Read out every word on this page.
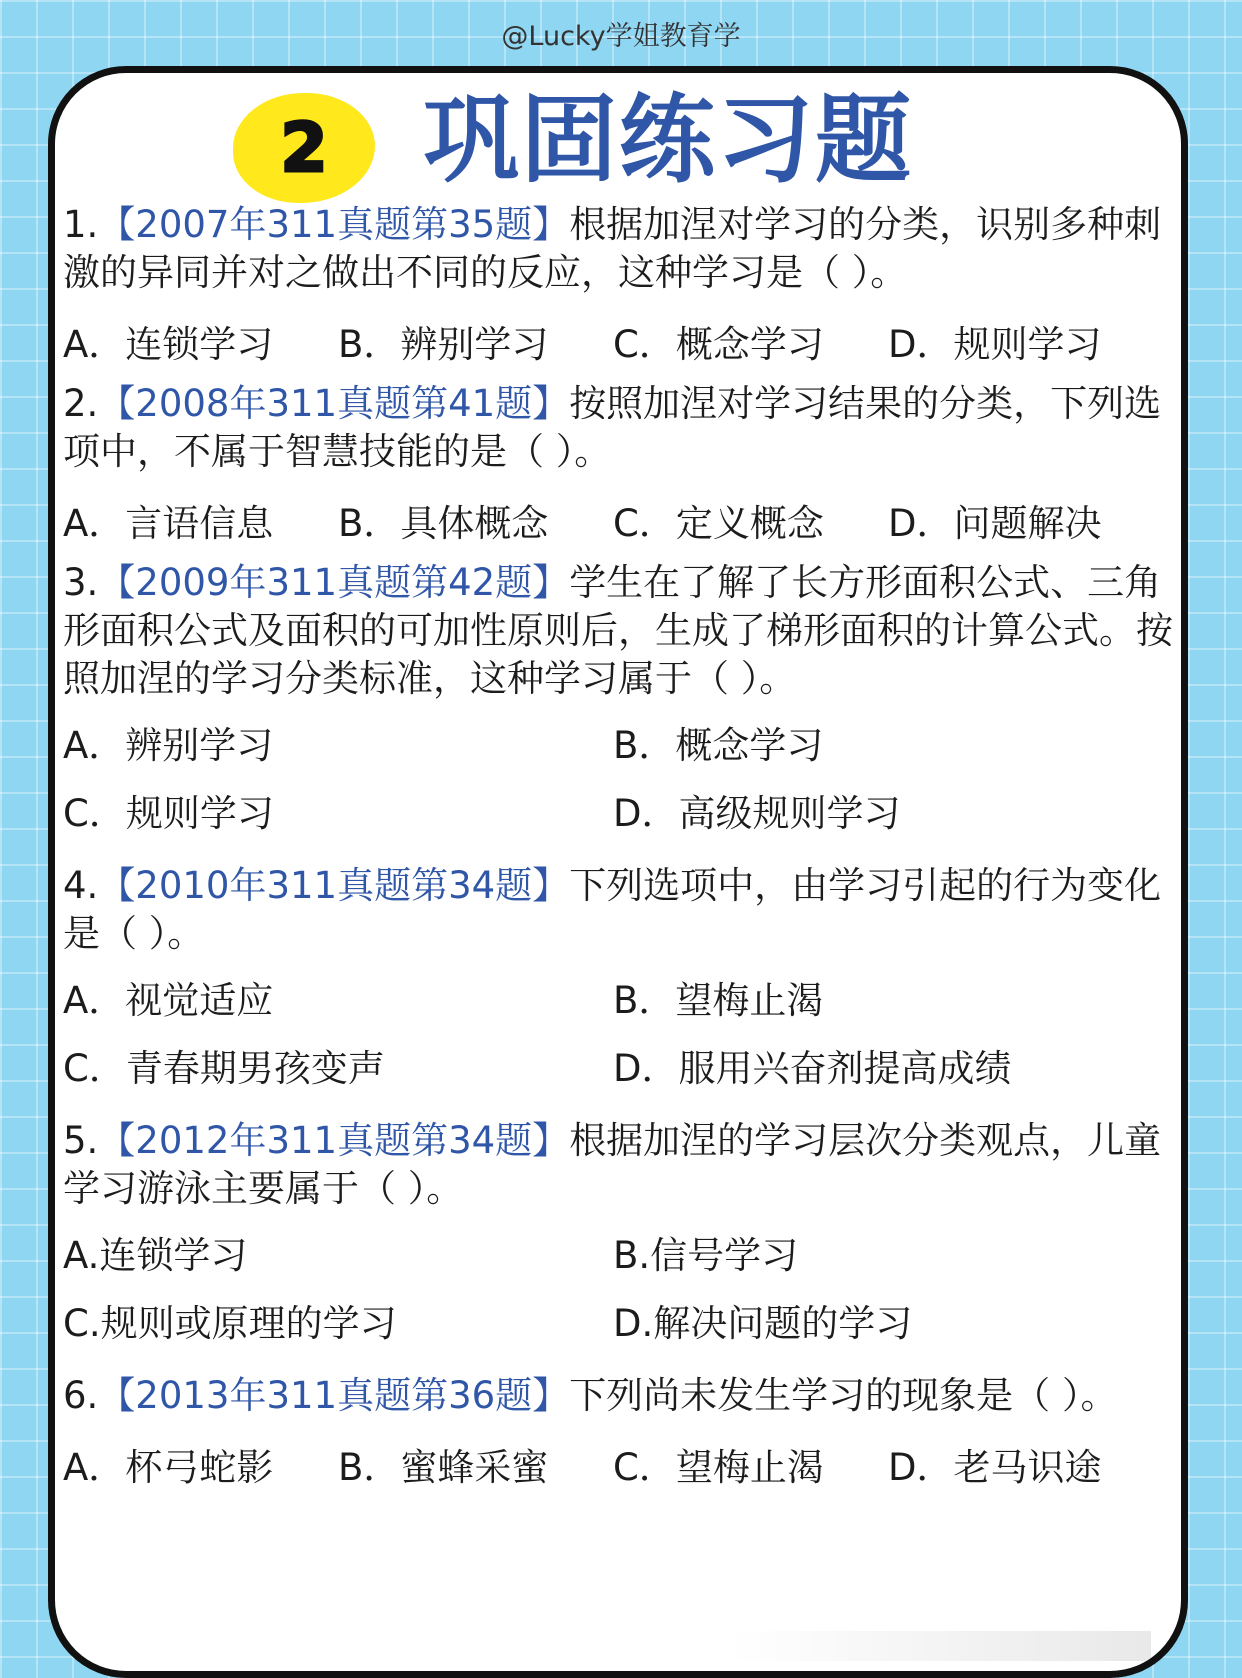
@Lucky学姐教育学
2 巩固练习题

1.【2007年311真题第35题】根据加涅对学习的分类，识别多种刺激的异同并对之做出不同的反应，这种学习是（ ）。

A．连锁学习	B．辨别学习	C．概念学习	D．规则学习

2.【2008年311真题第41题】按照加涅对学习结果的分类，下列选项中，不属于智慧技能的是（ ）。

A．言语信息	B．具体概念	C．定义概念	D．问题解决

3.【2009年311真题第42题】学生在了解了长方形面积公式、三角形面积公式及面积的可加性原则后，生成了梯形面积的计算公式。按照加涅的学习分类标准，这种学习属于（ ）。

A．辨别学习	B．概念学习
C．规则学习	D．高级规则学习

4.【2010年311真题第34题】下列选项中，由学习引起的行为变化是（ ）。

A．视觉适应	B．望梅止渴
C．青春期男孩变声	D．服用兴奋剂提高成绩

5.【2012年311真题第34题】根据加涅的学习层次分类观点，儿童学习游泳主要属于（ ）。

A.连锁学习	B.信号学习
C.规则或原理的学习	D.解决问题的学习

6.【2013年311真题第36题】下列尚未发生学习的现象是（ ）。

A．杯弓蛇影	B．蜜蜂采蜜	C．望梅止渴	D．老马识途
